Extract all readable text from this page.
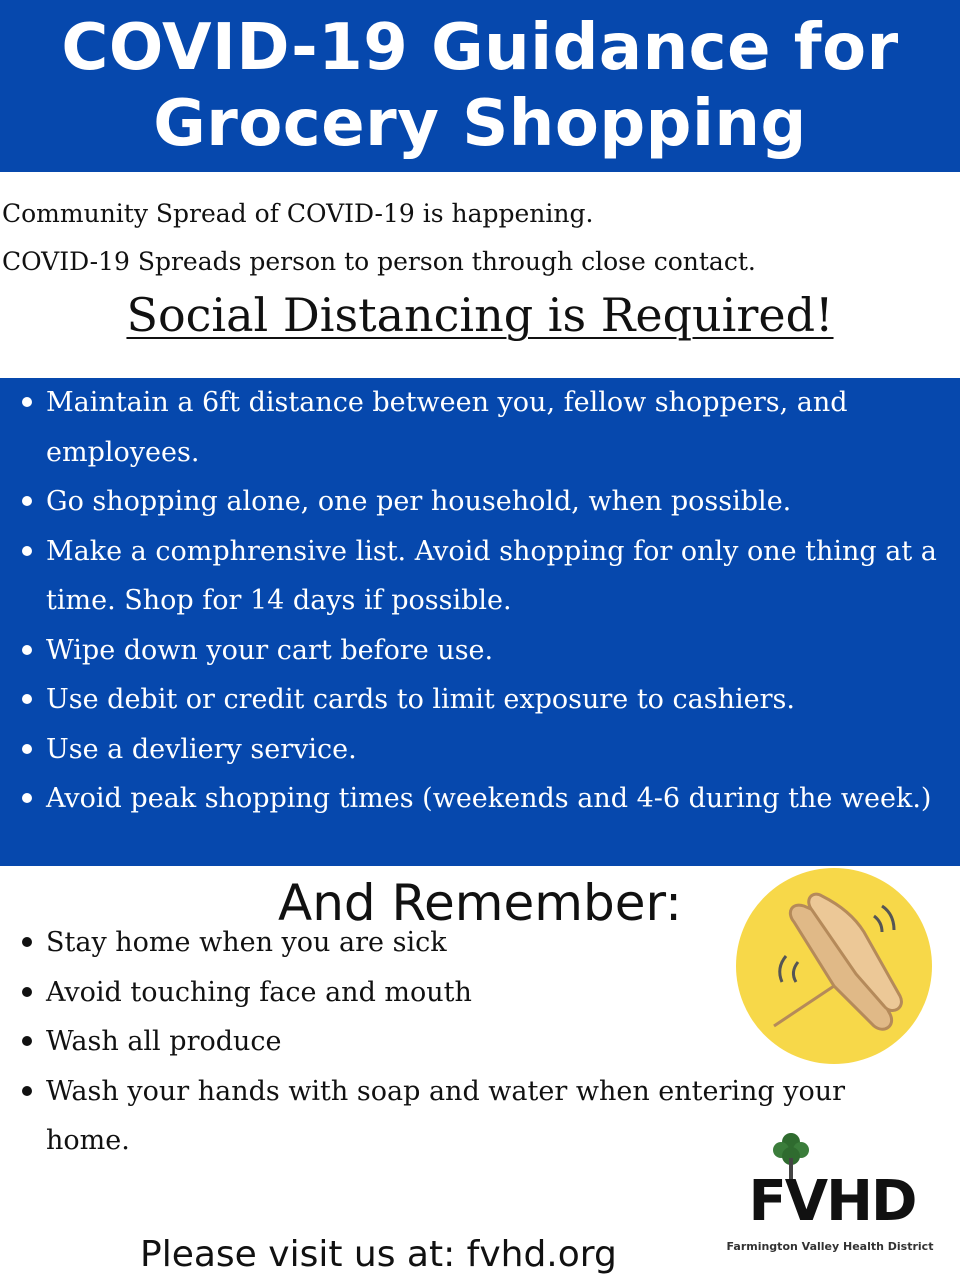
COVID-19 Guidance for
Grocery Shopping

Community Spread of COVID-19 is happening.

COVID-19 Spreads person to person through close contact.

Social Distancing is Required!
Maintain a 6ft distance between you, fellow shoppers, and employees.
Go shopping alone, one per household, when possible.
Make a comphrensive list. Avoid shopping for only one thing at a time. Shop for 14 days if possible.
Wipe down your cart before use.
Use debit or credit cards to limit exposure to cashiers.
Use a devliery service.
Avoid peak shopping times (weekends and 4-6 during the week.)
And Remember:
Stay home when you are sick
Avoid touching face and mouth
Wash all produce
Wash your hands with soap and water when entering your home.
FVHD
Farmington Valley Health District
Please visit us at: fvhd.org
